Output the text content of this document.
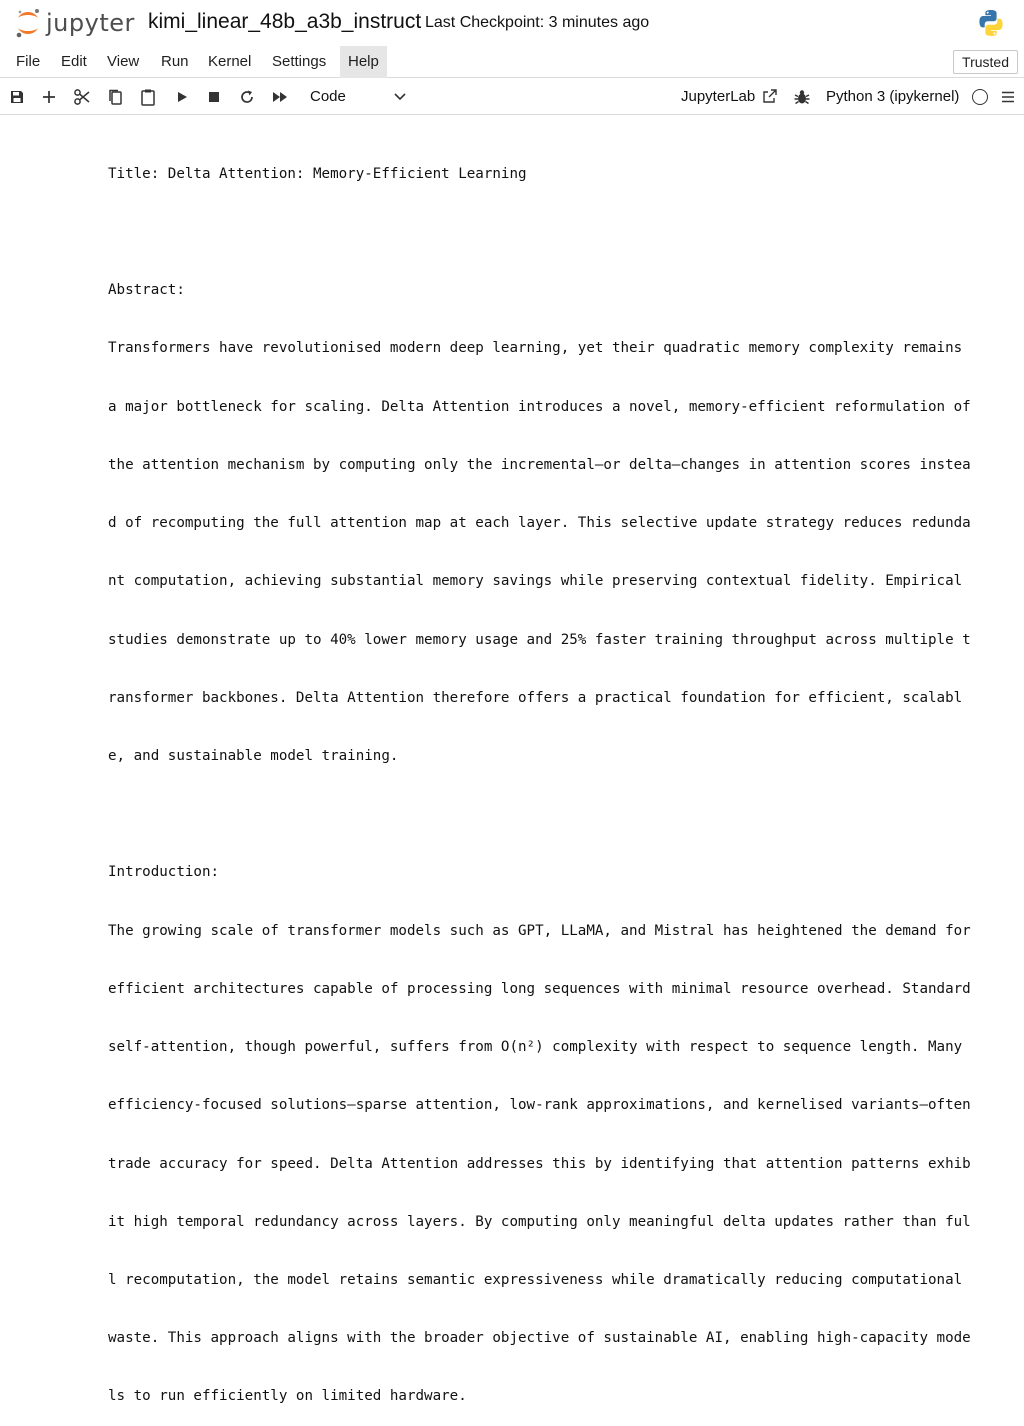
jupyter kimi_linear_48b_a3b_instruct Last Checkpoint: 3 minutes ago
File Edit View Run Kernel Settings	Help	Trusted
Code	JupyterLab	Python 3 (ipykernel)

Title: Delta Attention: Memory-Efficient Learning

Abstract:

Transformers have revolutionised modern deep learning, yet their quadratic memory complexity remains

a major bottleneck for scaling. Delta Attention introduces a novel, memory-efficient reformulation of

the attention mechanism by computing only the incremental—or delta—changes in attention scores instea

d of recomputing the full attention map at each layer. This selective update strategy reduces redunda

nt computation, achieving substantial memory savings while preserving contextual fidelity. Empirical

studies demonstrate up to 40% lower memory usage and 25% faster training throughput across multiple t

ransformer backbones. Delta Attention therefore offers a practical foundation for efficient, scalabl

e, and sustainable model training.

Introduction:

The growing scale of transformer models such as GPT, LLaMA, and Mistral has heightened the demand for

efficient architectures capable of processing long sequences with minimal resource overhead. Standard

self-attention, though powerful, suffers from O(n²) complexity with respect to sequence length. Many

efficiency-focused solutions—sparse attention, low-rank approximations, and kernelised variants—often

trade accuracy for speed. Delta Attention addresses this by identifying that attention patterns exhib

it high temporal redundancy across layers. By computing only meaningful delta updates rather than ful

l recomputation, the model retains semantic expressiveness while dramatically reducing computational

waste. This approach aligns with the broader objective of sustainable AI, enabling high-capacity mode

ls to run efficiently on limited hardware.
